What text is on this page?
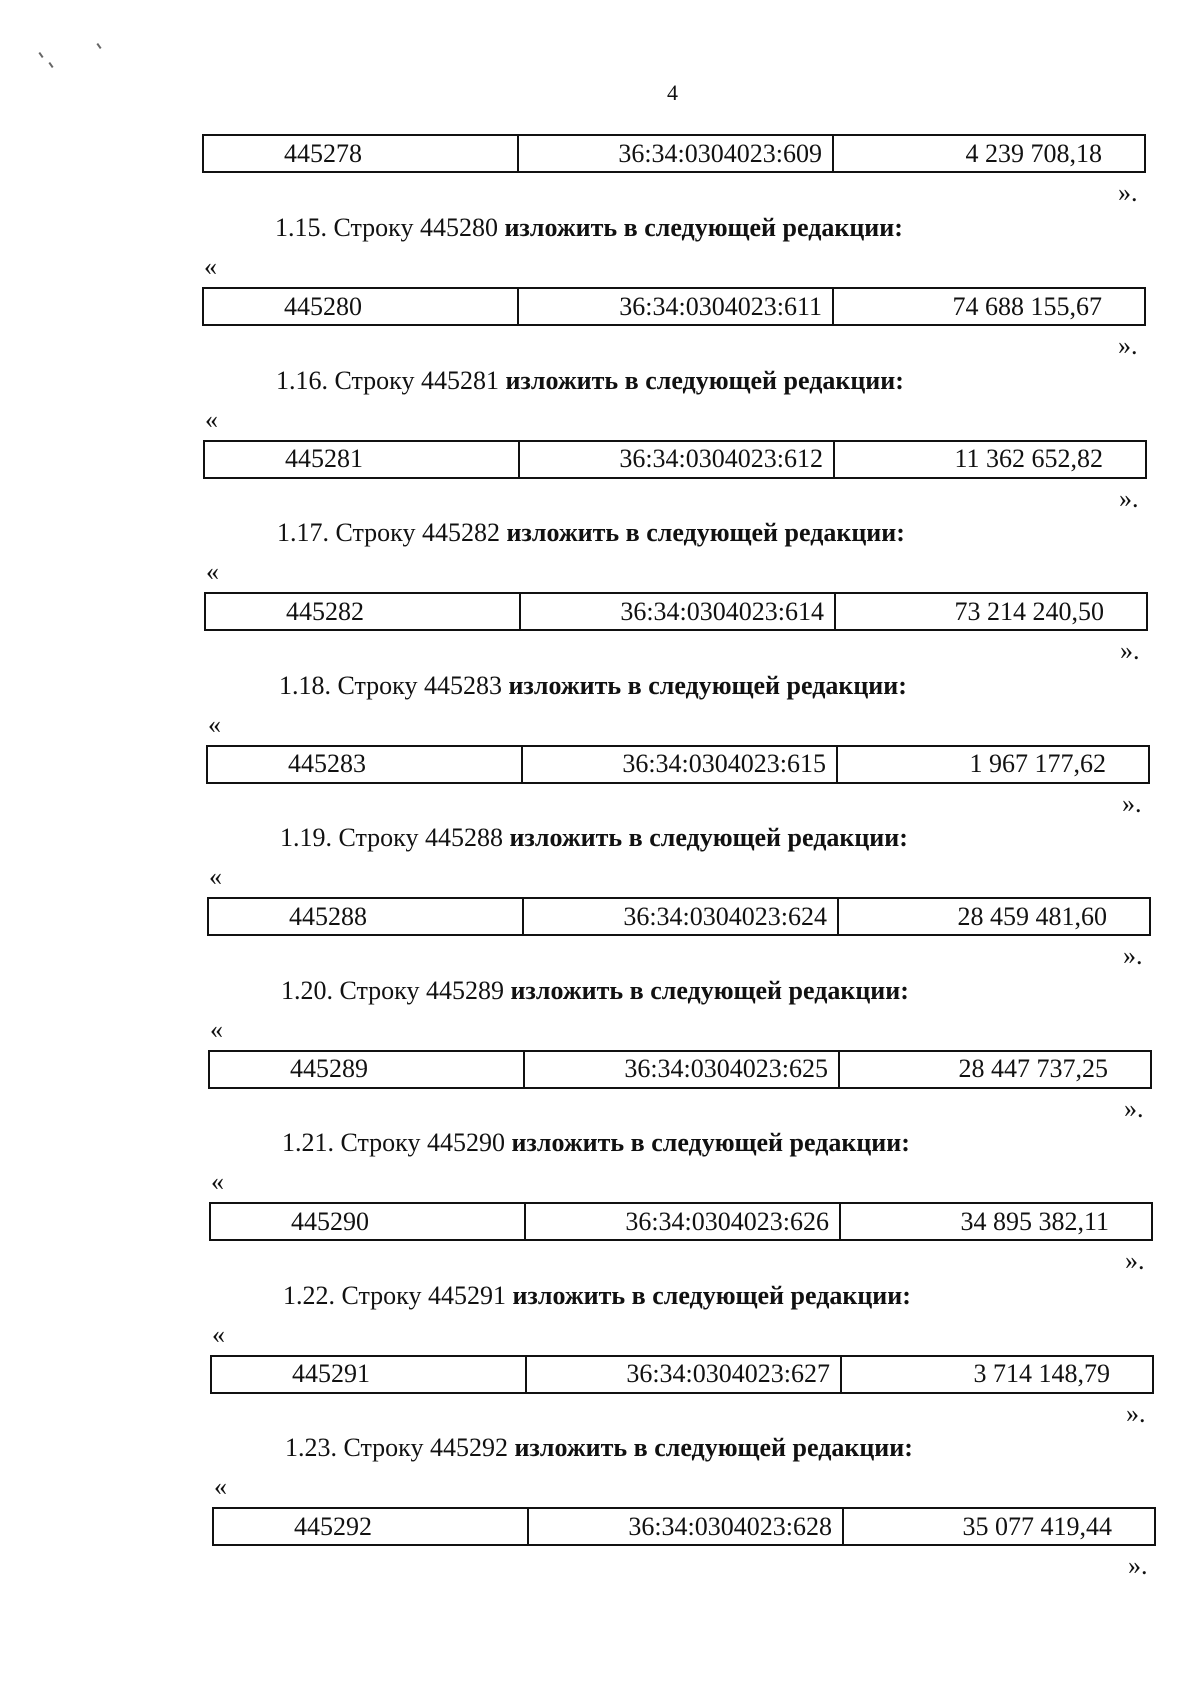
4
445278	36:34:0304023:609	4 239 708,18
».
1.15. Строку 445280 изложить в следующей редакции:
«
445280	36:34:0304023:611	74 688 155,67
».
1.16. Строку 445281 изложить в следующей редакции:
«
445281	36:34:0304023:612	11 362 652,82
».
1.17. Строку 445282 изложить в следующей редакции:
«
445282	36:34:0304023:614	73 214 240,50
».
1.18. Строку 445283 изложить в следующей редакции:
«
445283	36:34:0304023:615	1 967 177,62
».
1.19. Строку 445288 изложить в следующей редакции:
«
445288	36:34:0304023:624	28 459 481,60
».
1.20. Строку 445289 изложить в следующей редакции:
«
445289	36:34:0304023:625	28 447 737,25
».
1.21. Строку 445290 изложить в следующей редакции:
«
445290	36:34:0304023:626	34 895 382,11
».
1.22. Строку 445291 изложить в следующей редакции:
«
445291	36:34:0304023:627	3 714 148,79
».
1.23. Строку 445292 изложить в следующей редакции:
«
445292	36:34:0304023:628	35 077 419,44
».
